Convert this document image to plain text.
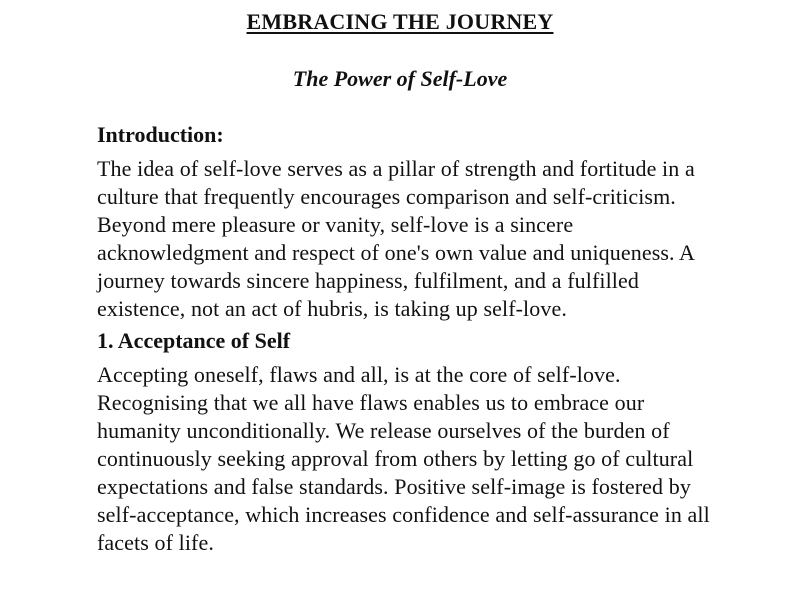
EMBRACING THE JOURNEY
The Power of Self-Love

Introduction:

The idea of self-love serves as a pillar of strength and fortitude in a culture that frequently encourages comparison and self-criticism. Beyond mere pleasure or vanity, self-love is a sincere acknowledgment and respect of one's own value and uniqueness. A journey towards sincere happiness, fulfilment, and a fulfilled existence, not an act of hubris, is taking up self-love.

1. Acceptance of Self

Accepting oneself, flaws and all, is at the core of self-love. Recognising that we all have flaws enables us to embrace our humanity unconditionally. We release ourselves of the burden of continuously seeking approval from others by letting go of cultural expectations and false standards. Positive self-image is fostered by self-acceptance, which increases confidence and self-assurance in all facets of life.
